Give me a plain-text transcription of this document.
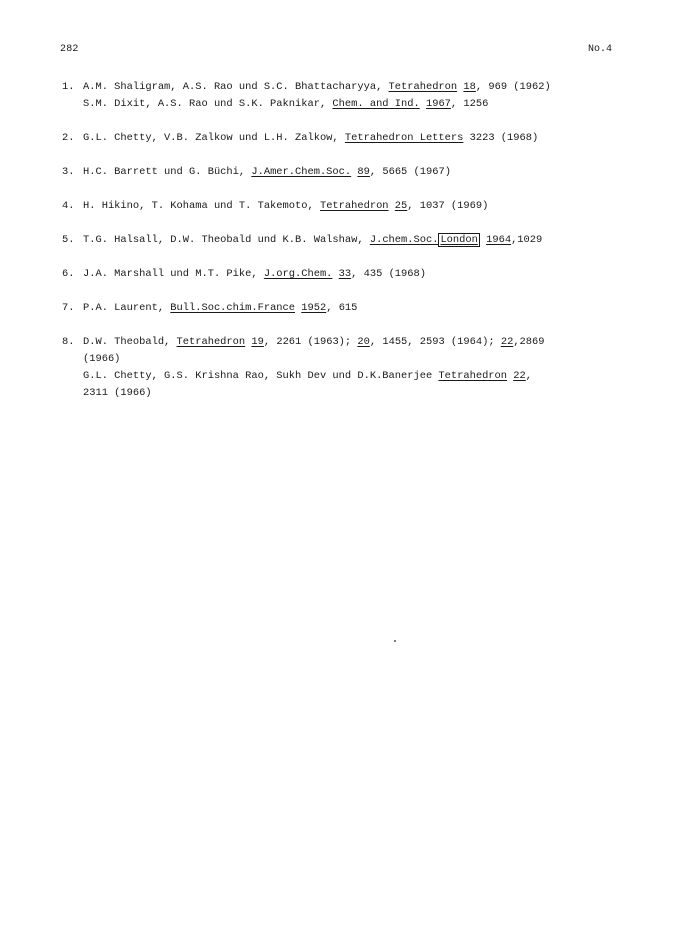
282	No.4
1. A.M. Shaligram, A.S. Rao und S.C. Bhattacharyya, Tetrahedron 18, 969 (1962)
S.M. Dixit, A.S. Rao und S.K. Paknikar, Chem. and Ind. 1967, 1256
2. G.L. Chetty, V.B. Zalkow und L.H. Zalkow, Tetrahedron Letters 3223 (1968)
3. H.C. Barrett und G. Büchi, J.Amer.Chem.Soc. 89, 5665 (1967)
4. H. Hikino, T. Kohama und T. Takemoto, Tetrahedron 25, 1037 (1969)
5. T.G. Halsall, D.W. Theobald und K.B. Walshaw, J.chem.Soc. London 1964,1029
6. J.A. Marshall und M.T. Pike, J.org.Chem. 33, 435 (1968)
7. P.A. Laurent, Bull.Soc.chim.France 1952, 615
8. D.W. Theobald, Tetrahedron 19, 2261 (1963); 20, 1455, 2593 (1964); 22,2869
(1966)
G.L. Chetty, G.S. Krishna Rao, Sukh Dev und D.K.Banerjee Tetrahedron 22,
2311 (1966)
